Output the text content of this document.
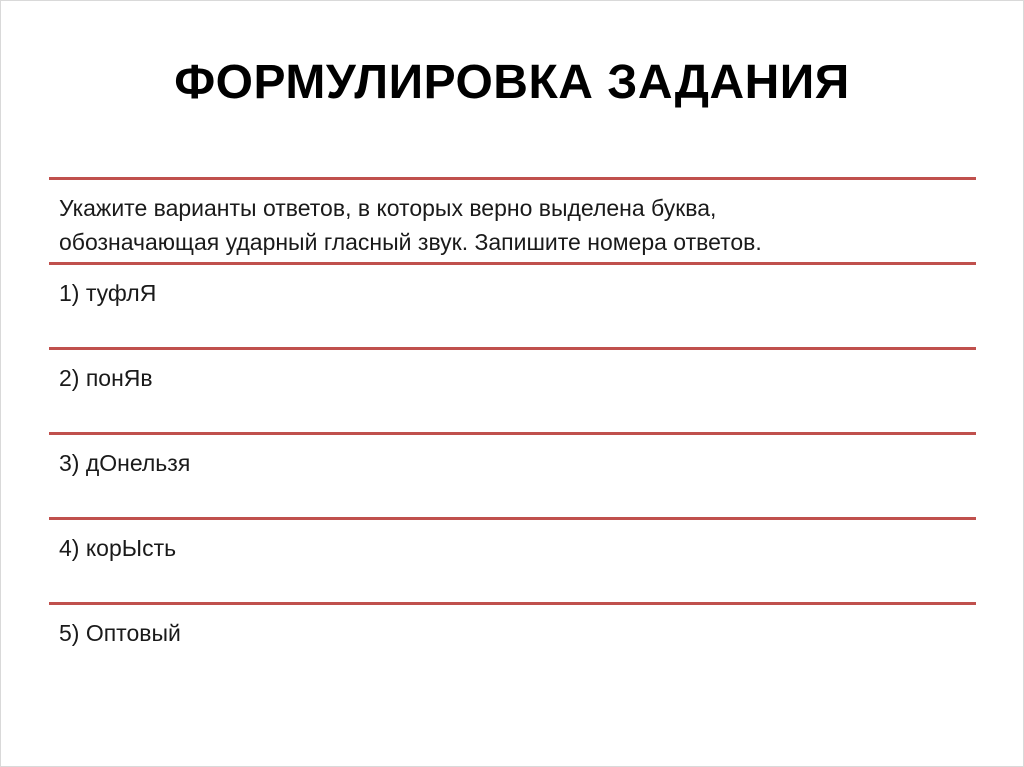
ФОРМУЛИРОВКА ЗАДАНИЯ
Укажите варианты ответов, в которых верно выделена буква,
обозначающая ударный гласный звук. Запишите номера ответов.
1) туфлЯ
2) понЯв
3) дОнельзя
4) корЫсть
5) Оптовый
